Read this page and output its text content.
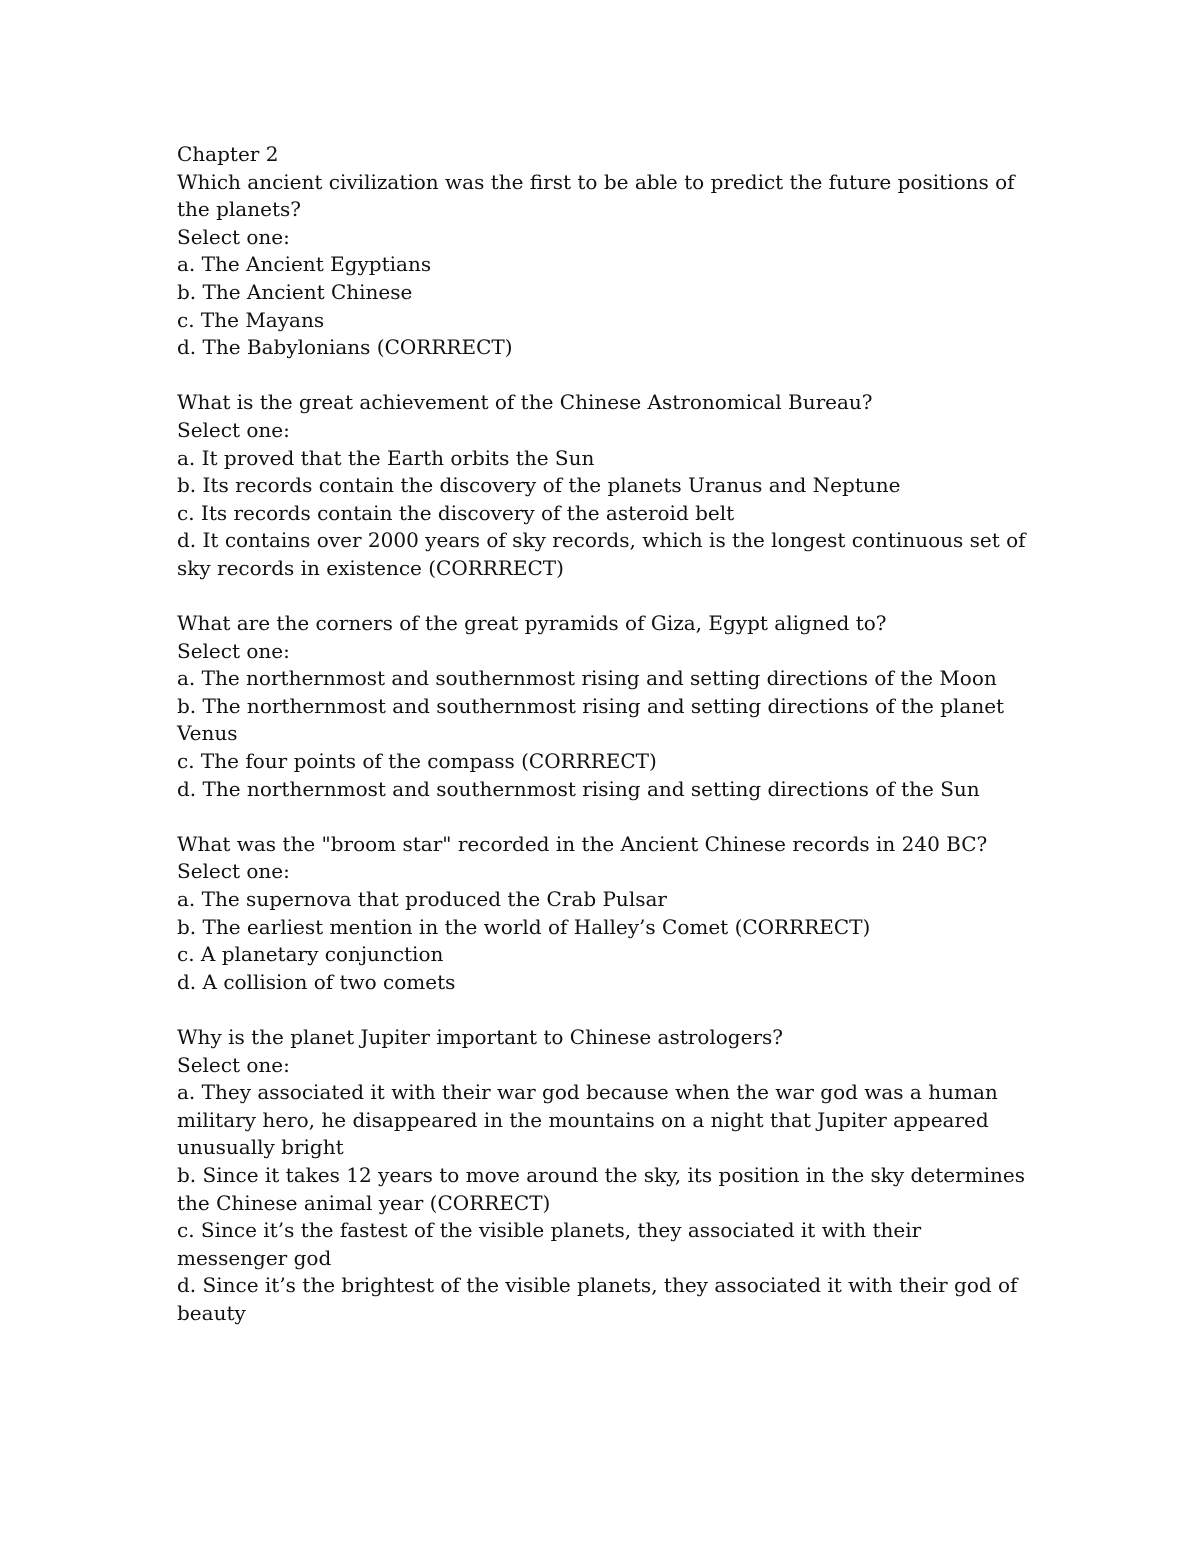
Chapter 2
Which ancient civilization was the first to be able to predict the future positions of the planets?
Select one:
a. The Ancient Egyptians
b. The Ancient Chinese
c. The Mayans
d. The Babylonians (CORRRECT)
What is the great achievement of the Chinese Astronomical Bureau?
Select one:
a. It proved that the Earth orbits the Sun
b. Its records contain the discovery of the planets Uranus and Neptune
c. Its records contain the discovery of the asteroid belt
d. It contains over 2000 years of sky records, which is the longest continuous set of sky records in existence (CORRRECT)
What are the corners of the great pyramids of Giza, Egypt aligned to?
Select one:
a. The northernmost and southernmost rising and setting directions of the Moon
b. The northernmost and southernmost rising and setting directions of the planet Venus
c. The four points of the compass (CORRRECT)
d. The northernmost and southernmost rising and setting directions of the Sun
What was the "broom star" recorded in the Ancient Chinese records in 240 BC?
Select one:
a. The supernova that produced the Crab Pulsar
b. The earliest mention in the world of Halley’s Comet (CORRRECT)
c. A planetary conjunction
d. A collision of two comets
Why is the planet Jupiter important to Chinese astrologers?
Select one:
a. They associated it with their war god because when the war god was a human military hero, he disappeared in the mountains on a night that Jupiter appeared unusually bright
b. Since it takes 12 years to move around the sky, its position in the sky determines the Chinese animal year (CORRECT)
c. Since it’s the fastest of the visible planets, they associated it with their messenger god
d. Since it’s the brightest of the visible planets, they associated it with their god of beauty
